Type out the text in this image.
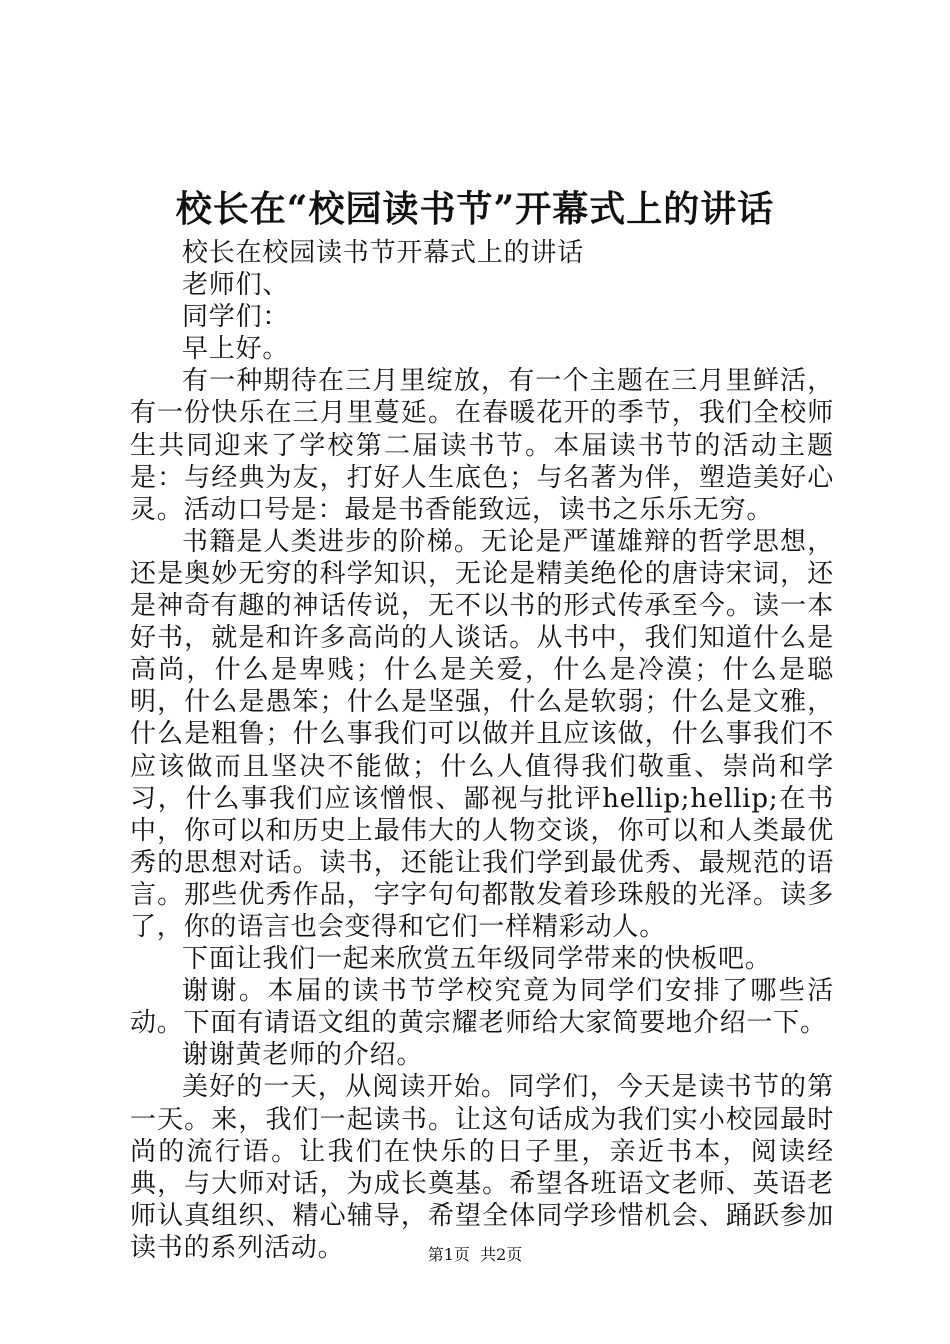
校长在“校园读书节”开幕式上的讲话

校长在校园读书节开幕式上的讲话

老师们、

同学们：

早上好。

有一种期待在三月里绽放，有一个主题在三月里鲜活，有一份快乐在三月里蔓延。在春暖花开的季节，我们全校师生共同迎来了学校第二届读书节。本届读书节的活动主题是：与经典为友，打好人生底色；与名著为伴，塑造美好心灵。活动口号是：最是书香能致远，读书之乐乐无穷。

书籍是人类进步的阶梯。无论是严谨雄辩的哲学思想，还是奥妙无穷的科学知识，无论是精美绝伦的唐诗宋词，还是神奇有趣的神话传说，无不以书的形式传承至今。读一本好书，就是和许多高尚的人谈话。从书中，我们知道什么是高尚，什么是卑贱；什么是关爱，什么是冷漠；什么是聪明，什么是愚笨；什么是坚强，什么是软弱；什么是文雅，什么是粗鲁；什么事我们可以做并且应该做，什么事我们不应该做而且坚决不能做；什么人值得我们敬重、崇尚和学习，什么事我们应该憎恨、鄙视与批评hellip;hellip;在书中，你可以和历史上最伟大的人物交谈，你可以和人类最优秀的思想对话。读书，还能让我们学到最优秀、最规范的语言。那些优秀作品，字字句句都散发着珍珠般的光泽。读多了，你的语言也会变得和它们一样精彩动人。

下面让我们一起来欣赏五年级同学带来的快板吧。

谢谢。本届的读书节学校究竟为同学们安排了哪些活动。下面有请语文组的黄宗耀老师给大家简要地介绍一下。

谢谢黄老师的介绍。

美好的一天，从阅读开始。同学们，今天是读书节的第一天。来，我们一起读书。让这句话成为我们实小校园最时尚的流行语。让我们在快乐的日子里，亲近书本，阅读经典，与大师对话，为成长奠基。希望各班语文老师、英语老师认真组织、精心辅导，希望全体同学珍惜机会、踊跃参加读书的系列活动。	第1页 共2页
